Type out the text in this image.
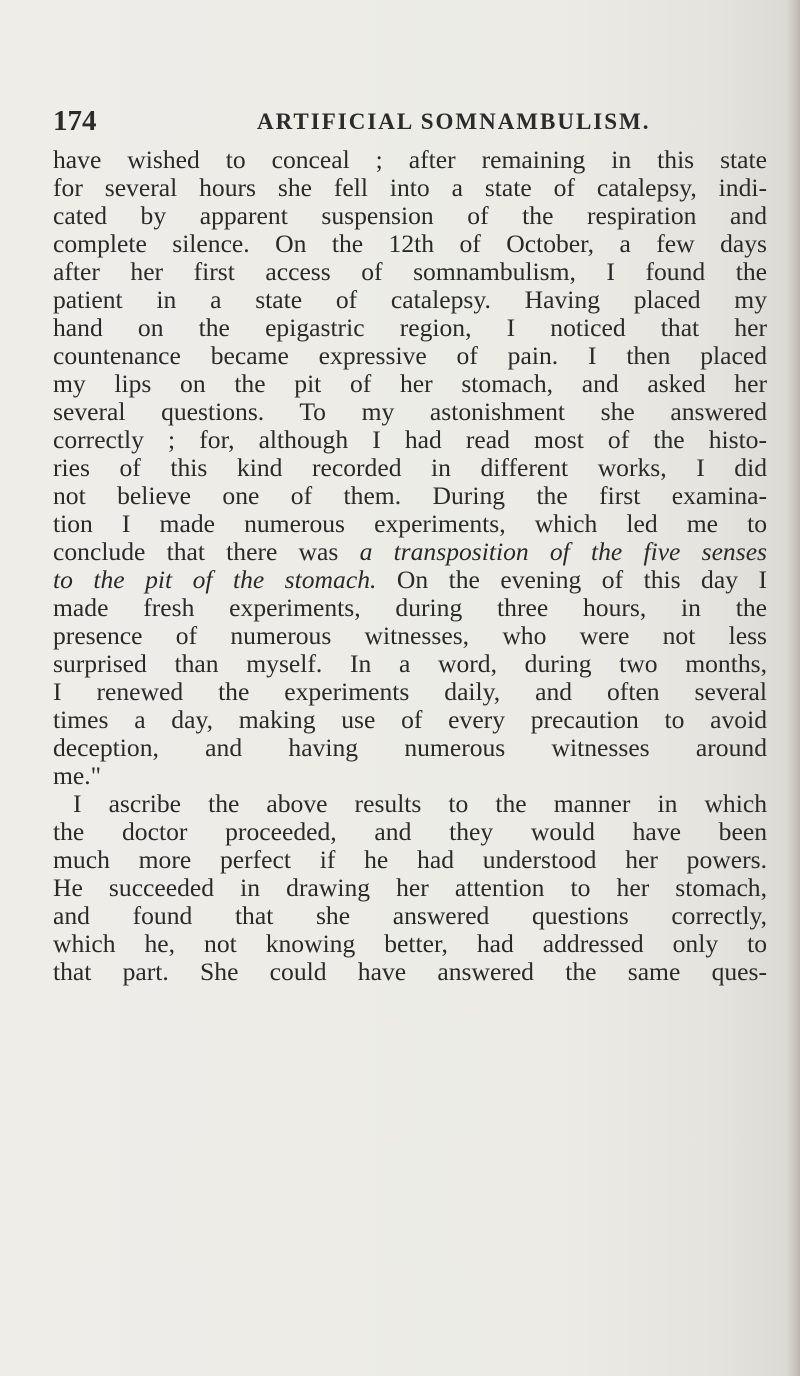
174	ARTIFICIAL SOMNAMBULISM.
have wished to conceal ; after remaining in this state
for several hours she fell into a state of catalepsy, indi-
cated by apparent suspension of the respiration and
complete silence. On the 12th of October, a few days
after her first access of somnambulism, I found the
patient in a state of catalepsy. Having placed my
hand on the epigastric region, I noticed that her
countenance became expressive of pain. I then placed
my lips on the pit of her stomach, and asked her
several questions. To my astonishment she answered
correctly ; for, although I had read most of the histo-
ries of this kind recorded in different works, I did
not believe one of them. During the first examina-
tion I made numerous experiments, which led me to
conclude that there was a transposition of the five senses
to the pit of the stomach. On the evening of this day I
made fresh experiments, during three hours, in the
presence of numerous witnesses, who were not less
surprised than myself. In a word, during two months,
I renewed the experiments daily, and often several
times a day, making use of every precaution to avoid
deception, and having numerous witnesses around
me."
I ascribe the above results to the manner in which
the doctor proceeded, and they would have been
much more perfect if he had understood her powers.
He succeeded in drawing her attention to her stomach,
and found that she answered questions correctly,
which he, not knowing better, had addressed only to
that part. She could have answered the same ques-
